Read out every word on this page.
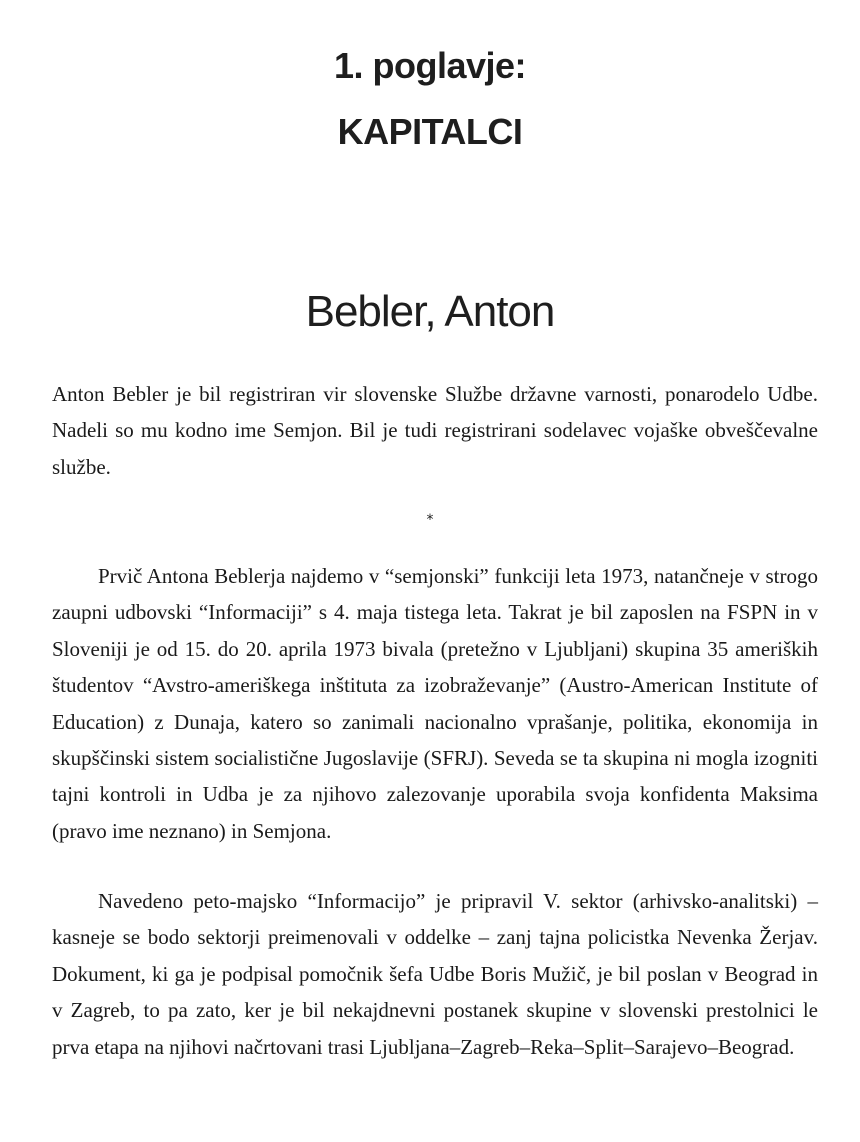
1. poglavje:
KAPITALCI
Bebler, Anton

Anton Bebler je bil registriran vir slovenske Službe državne varnosti, ponarodelo Udbe. Nadeli so mu kodno ime Semjon. Bil je tudi registrirani sodelavec vojaške obveščevalne službe.

*

Prvič Antona Beblerja najdemo v “semjonski” funkciji leta 1973, natančneje v strogo zaupni udbovski “Informaciji” s 4. maja tistega leta. Takrat je bil zaposlen na FSPN in v Sloveniji je od 15. do 20. aprila 1973 bivala (pretežno v Ljubljani) skupina 35 ameriških študentov “Avstro-ameriškega inštituta za izobraževanje” (Austro-American Institute of Education) z Dunaja, katero so zanimali nacionalno vprašanje, politika, ekonomija in skupščinski sistem socialistične Jugoslavije (SFRJ). Seveda se ta skupina ni mogla izogniti tajni kontroli in Udba je za njihovo zalezovanje uporabila svoja konfidenta Maksima (pravo ime neznano) in Semjona.

Navedeno peto-majsko “Informacijo” je pripravil V. sektor (arhivsko-analitski) – kasneje se bodo sektorji preimenovali v oddelke – zanj tajna policistka Nevenka Žerjav. Dokument, ki ga je podpisal pomočnik šefa Udbe Boris Mužič, je bil poslan v Beograd in v Zagreb, to pa zato, ker je bil nekajdnevni postanek skupine v slovenski prestolnici le prva etapa na njihovi načrtovani trasi Ljubljana–Zagreb–Reka–Split–Sarajevo–Beograd.
